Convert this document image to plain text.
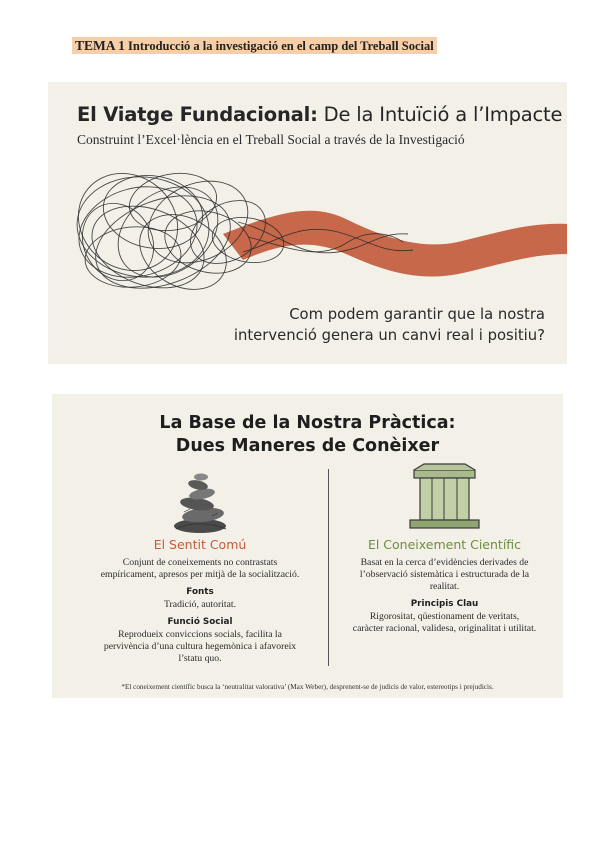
TEMA 1 Introducció a la investigació en el camp del Treball Social
El Viatge Fundacional: De la Intuïció a l’Impacte
Construint l’Excel·lència en el Treball Social a través de la Investigació
Com podem garantir que la nostra
intervenció genera un canvi real i positiu?
La Base de la Nostra Pràctica:
Dues Maneres de Conèixer
El Sentit Comú
Conjunt de coneixements no contrastats
empíricament, apresos per mitjà de la socialització.
Fonts
Tradició, autoritat.
Funció Social
Reprodueix conviccions socials, facilita la
pervivència d’una cultura hegemònica i afavoreix
l’statu quo.
El Coneixement Científic
Basat en la cerca d’evidències derivades de
l’observació sistemàtica i estructurada de la
realitat.
Principis Clau
Rigorositat, qüestionament de veritats,
caràcter racional, validesa, originalitat i utilitat.
*El coneixement científic busca la ‘neutralitat valorativa’ (Max Weber), desprenent-se de judicis de valor, estereotips i prejudicis.
